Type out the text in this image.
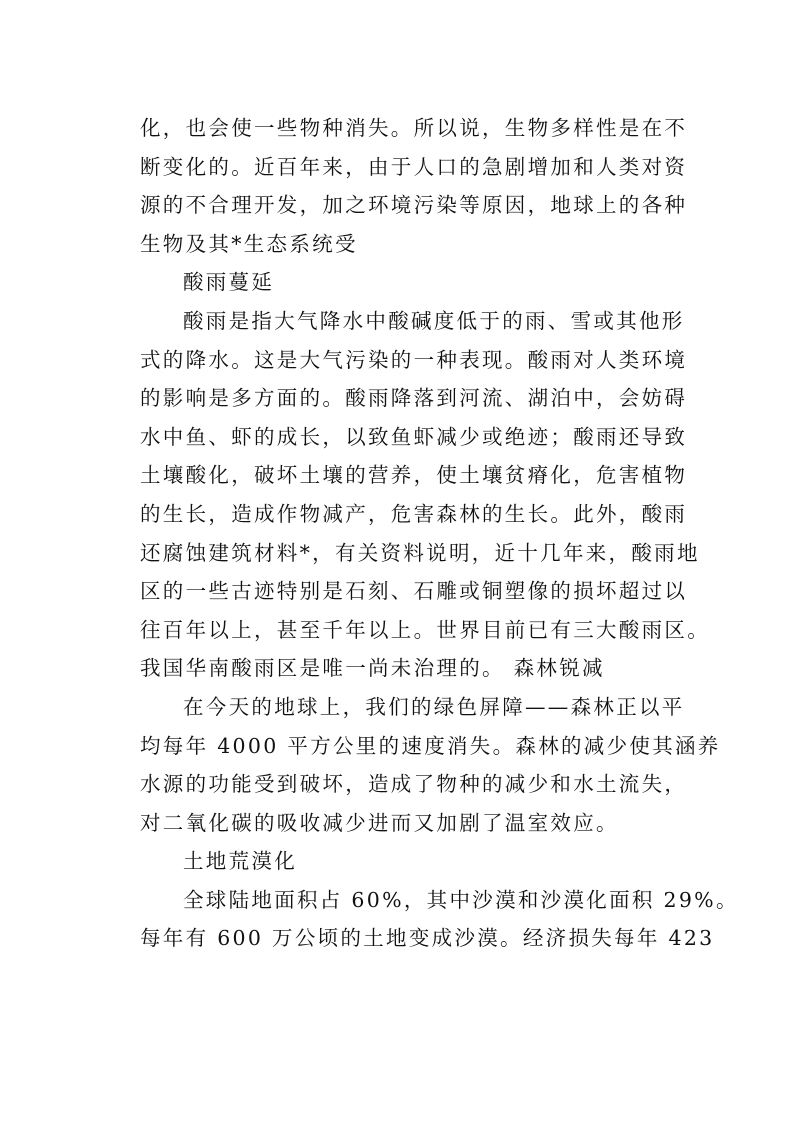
化，也会使一些物种消失。所以说，生物多样性是在不
断变化的。近百年来，由于人口的急剧增加和人类对资
源的不合理开发，加之环境污染等原因，地球上的各种
生物及其*生态系统受
酸雨蔓延
酸雨是指大气降水中酸碱度低于的雨、雪或其他形
式的降水。这是大气污染的一种表现。酸雨对人类环境
的影响是多方面的。酸雨降落到河流、湖泊中，会妨碍
水中鱼、虾的成长，以致鱼虾减少或绝迹；酸雨还导致
土壤酸化，破坏土壤的营养，使土壤贫瘠化，危害植物
的生长，造成作物减产，危害森林的生长。此外，酸雨
还腐蚀建筑材料*，有关资料说明，近十几年来，酸雨地
区的一些古迹特别是石刻、石雕或铜塑像的损坏超过以
往百年以上，甚至千年以上。世界目前已有三大酸雨区。
我国华南酸雨区是唯一尚未治理的。 森林锐减
在今天的地球上，我们的绿色屏障——森林正以平
均每年 4000 平方公里的速度消失。森林的减少使其涵养
水源的功能受到破坏，造成了物种的减少和水土流失，
对二氧化碳的吸收减少进而又加剧了温室效应。
土地荒漠化
全球陆地面积占 60%，其中沙漠和沙漠化面积 29%。
每年有 600 万公顷的土地变成沙漠。经济损失每年 423
